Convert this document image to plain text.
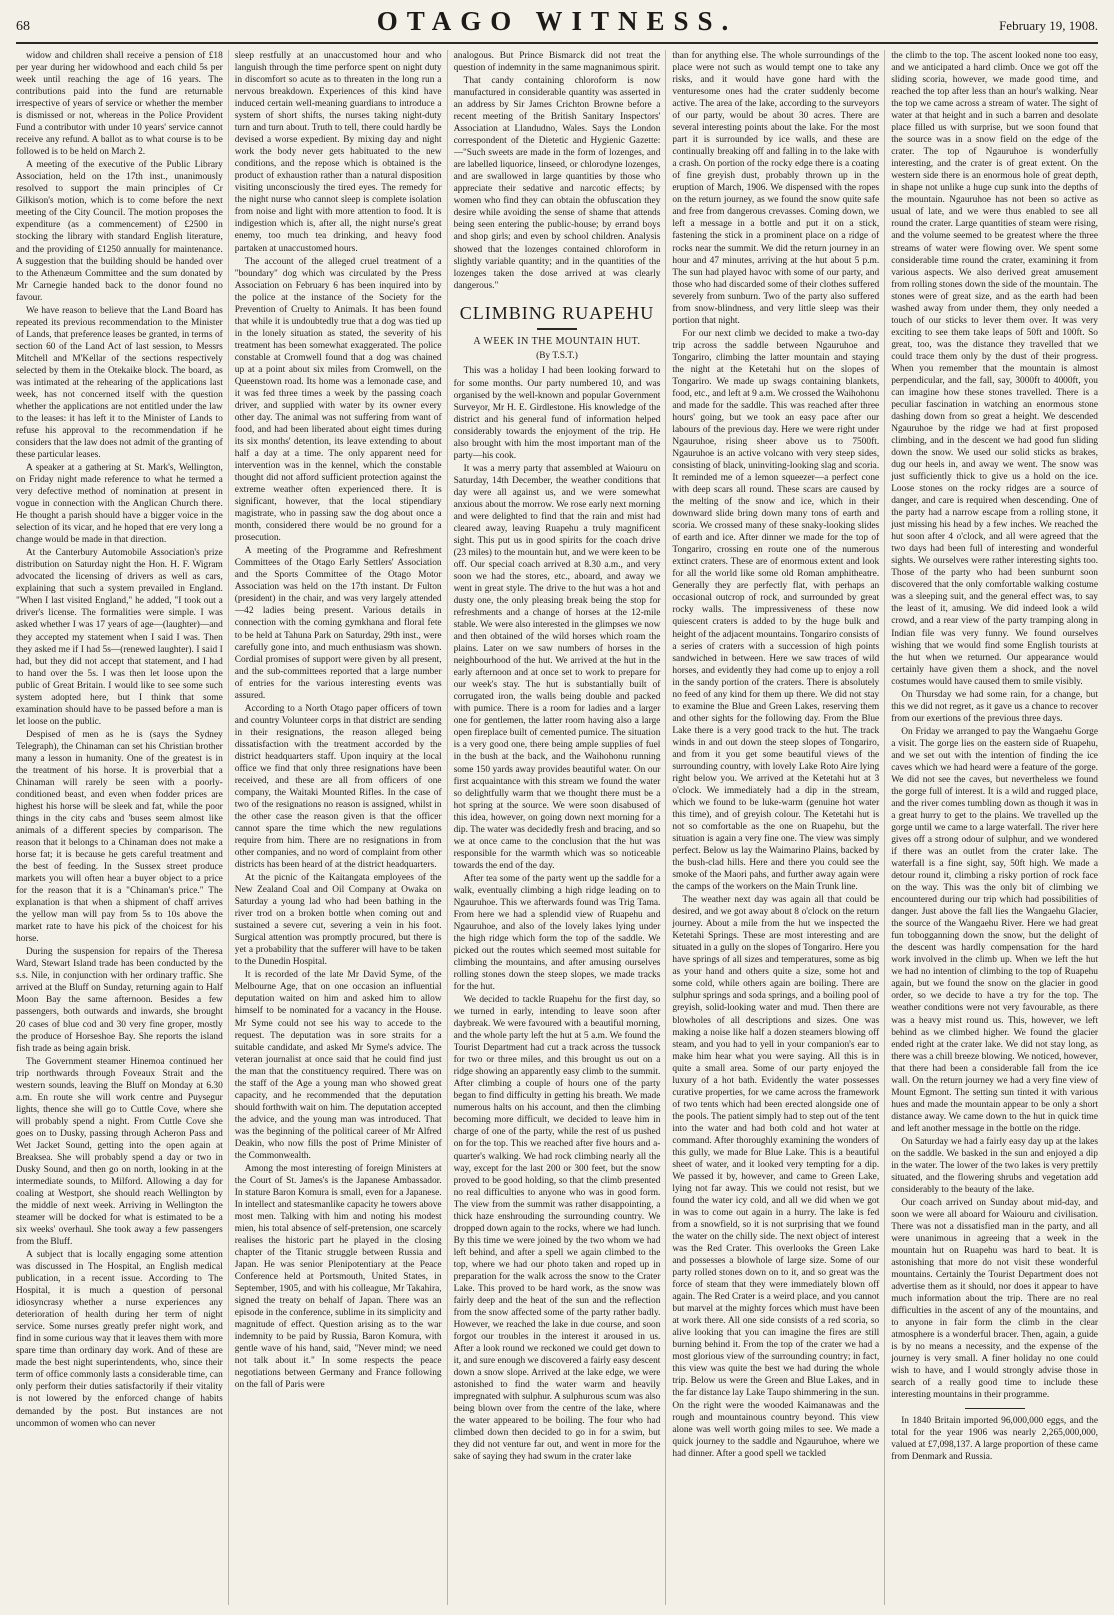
68	OTAGO WITNESS.	February 19, 1908.

widow and children shall receive a pension of £18 per year during her widowhood and each child 5s per week until reaching the age of 16 years. The contributions paid into the fund are returnable irrespective of years of service or whether the member is dismissed or not, whereas in the Police Provident Fund a contributor with under 10 years' service cannot receive any refund. A ballot as to what course is to be followed is to be held on March 2.

A meeting of the executive of the Public Library Association, held on the 17th inst., unanimously resolved to support the main principles of Cr Gilkison's motion, which is to come before the next meeting of the City Council. The motion proposes the expenditure (as a commencement) of £2500 in stocking the library with standard English literature, and the providing of £1250 annually for maintenance. A suggestion that the building should be handed over to the Athenæum Committee and the sum donated by Mr Carnegie handed back to the donor found no favour.

We have reason to believe that the Land Board has repeated its previous recommendation to the Minister of Lands, that preference leases be granted, in terms of section 60 of the Land Act of last session, to Messrs Mitchell and M'Kellar of the sections respectively selected by them in the Otekaike block. The board, as was intimated at the rehearing of the applications last week, has not concerned itself with the question whether the applications are not entitled under the law to the leases: it has left it to the Minister of Lands to refuse his approval to the recommendation if he considers that the law does not admit of the granting of these particular leases.

A speaker at a gathering at St. Mark's, Wellington, on Friday night made reference to what he termed a very defective method of nomination at present in vogue in connection with the Anglican Church there. He thought a parish should have a bigger voice in the selection of its vicar, and he hoped that ere very long a change would be made in that direction.

At the Canterbury Automobile Association's prize distribution on Saturday night the Hon. H. F. Wigram advocated the licensing of drivers as well as cars, explaining that such a system prevailed in England. "When I last visited England," he added, "I took out a driver's license. The formalities were simple. I was asked whether I was 17 years of age—(laughter)—and they accepted my statement when I said I was. Then they asked me if I had 5s—(renewed laughter). I said I had, but they did not accept that statement, and I had to hand over the 5s. I was then let loose upon the public of Great Britain. I would like to see some such system adopted here, but I think that some examination should have to be passed before a man is let loose on the public.

Despised of men as he is (says the Sydney Telegraph), the Chinaman can set his Christian brother many a lesson in humanity. One of the greatest is in the treatment of his horse. It is proverbial that a Chinaman will rarely be seen with a poorly-conditioned beast, and even when fodder prices are highest his horse will be sleek and fat, while the poor things in the city cabs and 'buses seem almost like animals of a different species by comparison. The reason that it belongs to a Chinaman does not make a horse fat; it is because he gets careful treatment and the best of feeding. In the Sussex street produce markets you will often hear a buyer object to a price for the reason that it is a "Chinaman's price." The explanation is that when a shipment of chaff arrives the yellow man will pay from 5s to 10s above the market rate to have his pick of the choicest for his horse.

During the suspension for repairs of the Theresa Ward, Stewart Island trade has been conducted by the s.s. Nile, in conjunction with her ordinary traffic. She arrived at the Bluff on Sunday, returning again to Half Moon Bay the same afternoon. Besides a few passengers, both outwards and inwards, she brought 20 cases of blue cod and 30 very fine groper, mostly the produce of Horseshoe Bay. She reports the island fish trade as being again brisk.

The Government steamer Hinemoa continued her trip northwards through Foveaux Strait and the western sounds, leaving the Bluff on Monday at 6.30 a.m. En route she will work centre and Puysegur lights, thence she will go to Cuttle Cove, where she will probably spend a night. From Cuttle Cove she goes on to Dusky, passing through Acheron Pass and Wet Jacket Sound, getting into the open again at Breaksea. She will probably spend a day or two in Dusky Sound, and then go on north, looking in at the intermediate sounds, to Milford. Allowing a day for coaling at Westport, she should reach Wellington by the middle of next week. Arriving in Wellington the steamer will be docked for what is estimated to be a six weeks' overhaul. She took away a few passengers from the Bluff.

A subject that is locally engaging some attention was discussed in The Hospital, an English medical publication, in a recent issue. According to The Hospital, it is much a question of personal idiosyncrasy whether a nurse experiences any deterioration of health during her term of night service. Some nurses greatly prefer night work, and find in some curious way that it leaves them with more spare time than ordinary day work. And of these are made the best night superintendents, who, since their term of office commonly lasts a considerable time, can only perform their duties satisfactorily if their vitality is not lowered by the enforced change of habits demanded by the post. But instances are not uncommon of women who can never

sleep restfully at an unaccustomed hour and who languish through the time perforce spent on night duty in discomfort so acute as to threaten in the long run a nervous breakdown. Experiences of this kind have induced certain well-meaning guardians to introduce a system of short shifts, the nurses taking night-duty turn and turn about. Truth to tell, there could hardly be devised a worse expedient. By mixing day and night work the body never gets habituated to the new conditions, and the repose which is obtained is the product of exhaustion rather than a natural disposition visiting unconsciously the tired eyes. The remedy for the night nurse who cannot sleep is complete isolation from noise and light with more attention to food. It is indigestion which is, after all, the night nurse's great enemy, too much tea drinking, and heavy food partaken at unaccustomed hours.

The account of the alleged cruel treatment of a "boundary" dog which was circulated by the Press Association on February 6 has been inquired into by the police at the instance of the Society for the Prevention of Cruelty to Animals. It has been found that while it is undoubtedly true that a dog was tied up in the lonely situation as stated, the severity of his treatment has been somewhat exaggerated. The police constable at Cromwell found that a dog was chained up at a point about six miles from Cromwell, on the Queenstown road. Its home was a lemonade case, and it was fed three times a week by the passing coach driver, and supplied with water by its owner every other day. The animal was not suffering from want of food, and had been liberated about eight times during its six months' detention, its leave extending to about half a day at a time. The only apparent need for intervention was in the kennel, which the constable thought did not afford sufficient protection against the extreme weather often experienced there. It is significant, however, that the local stipendiary magistrate, who in passing saw the dog about once a month, considered there would be no ground for a prosecution.

A meeting of the Programme and Refreshment Committees of the Otago Early Settlers' Association and the Sports Committee of the Otago Motor Association was held on the 17th instant. Dr Fulton (president) in the chair, and was very largely attended—42 ladies being present. Various details in connection with the coming gymkhana and floral fete to be held at Tahuna Park on Saturday, 29th inst., were carefully gone into, and much enthusiasm was shown. Cordial promises of support were given by all present, and the sub-committees reported that a large number of entries for the various interesting events was assured.

According to a North Otago paper officers of town and country Volunteer corps in that district are sending in their resignations, the reason alleged being dissatisfaction with the treatment accorded by the district headquarters staff. Upon inquiry at the local office we find that only three resignations have been received, and these are all from officers of one company, the Waitaki Mounted Rifles. In the case of two of the resignations no reason is assigned, whilst in the other case the reason given is that the officer cannot spare the time which the new regulations require from him. There are no resignations in from other companies, and no word of complaint from other districts has been heard of at the district headquarters.

At the picnic of the Kaitangata employees of the New Zealand Coal and Oil Company at Owaka on Saturday a young lad who had been bathing in the river trod on a broken bottle when coming out and sustained a severe cut, severing a vein in his foot. Surgical attention was promptly procured, but there is yet a probability that the sufferer will have to be taken to the Dunedin Hospital.

It is recorded of the late Mr David Syme, of the Melbourne Age, that on one occasion an influential deputation waited on him and asked him to allow himself to be nominated for a vacancy in the House. Mr Syme could not see his way to accede to the request. The deputation was in sore straits for a suitable candidate, and asked Mr Syme's advice. The veteran journalist at once said that he could find just the man that the constituency required. There was on the staff of the Age a young man who showed great capacity, and he recommended that the deputation should forthwith wait on him. The deputation accepted the advice, and the young man was introduced. That was the beginning of the political career of Mr Alfred Deakin, who now fills the post of Prime Minister of the Commonwealth.

Among the most interesting of foreign Ministers at the Court of St. James's is the Japanese Ambassador. In stature Baron Komura is small, even for a Japanese. In intellect and statesmanlike capacity he towers above most men. Talking with him and noting his modest mien, his total absence of self-pretension, one scarcely realises the historic part he played in the closing chapter of the Titanic struggle between Russia and Japan. He was senior Plenipotentiary at the Peace Conference held at Portsmouth, United States, in September, 1905, and with his colleague, Mr Takahira, signed the treaty on behalf of Japan. There was an episode in the conference, sublime in its simplicity and magnitude of effect. Question arising as to the war indemnity to be paid by Russia, Baron Komura, with gentle wave of his hand, said, "Never mind; we need not talk about it." In some respects the peace negotiations between Germany and France following on the fall of Paris were

analogous. But Prince Bismarck did not treat the question of indemnity in the same magnanimous spirit.

That candy containing chloroform is now manufactured in considerable quantity was asserted in an address by Sir James Crichton Browne before a recent meeting of the British Sanitary Inspectors' Association at Llandudno, Wales. Says the London correspondent of the Dietetic and Hygienic Gazette:—"Such sweets are made in the form of lozenges, and are labelled liquorice, linseed, or chlorodyne lozenges, and are swallowed in large quantities by those who appreciate their sedative and narcotic effects; by women who find they can obtain the obfuscation they desire while avoiding the sense of shame that attends being seen entering the public-house; by errand boys and shop girls; and even by school children. Analysis showed that the lozenges contained chloroform in slightly variable quantity; and in the quantities of the lozenges taken the dose arrived at was clearly dangerous."

CLIMBING RUAPEHU
A WEEK IN THE MOUNTAIN HUT.
(By T.S.T.)

This was a holiday I had been looking forward to for some months. Our party numbered 10, and was organised by the well-known and popular Government Surveyor, Mr H. E. Girdlestone. His knowledge of the district and his general fund of information helped considerably towards the enjoyment of the trip. He also brought with him the most important man of the party—his cook.

It was a merry party that assembled at Waiouru on Saturday, 14th December, the weather conditions that day were all against us, and we were somewhat anxious about the morrow. We rose early next morning and were delighted to find that the rain and mist had cleared away, leaving Ruapehu a truly magnificent sight. This put us in good spirits for the coach drive (23 miles) to the mountain hut, and we were keen to be off. Our special coach arrived at 8.30 a.m., and very soon we had the stores, etc., aboard, and away we went in great style. The drive to the hut was a hot and dusty one, the only pleasing break being the stop for refreshments and a change of horses at the 12-mile stable. We were also interested in the glimpses we now and then obtained of the wild horses which roam the plains. Later on we saw numbers of horses in the neighbourhood of the hut. We arrived at the hut in the early afternoon and at once set to work to prepare for our week's stay. The hut is substantially built of corrugated iron, the walls being double and packed with pumice. There is a room for ladies and a larger one for gentlemen, the latter room having also a large open fireplace built of cemented pumice. The situation is a very good one, there being ample supplies of fuel in the bush at the back, and the Waihohonu running some 150 yards away provides beautiful water. On our first acquaintance with this stream we found the water so delightfully warm that we thought there must be a hot spring at the source. We were soon disabused of this idea, however, on going down next morning for a dip. The water was decidedly fresh and bracing, and so we at once came to the conclusion that the hut was responsible for the warmth which was so noticeable towards the end of the day.

After tea some of the party went up the saddle for a walk, eventually climbing a high ridge leading on to Ngauruhoe. This we afterwards found was Trig Tama. From here we had a splendid view of Ruapehu and Ngauruhoe, and also of the lovely lakes lying under the high ridge which form the top of the saddle. We picked out the routes which seemed most suitable for climbing the mountains, and after amusing ourselves rolling stones down the steep slopes, we made tracks for the hut.

We decided to tackle Ruapehu for the first day, so we turned in early, intending to leave soon after daybreak. We were favoured with a beautiful morning, and the whole party left the hut at 5 a.m. We found the Tourist Department had cut a track across the tussock for two or three miles, and this brought us out on a ridge showing an apparently easy climb to the summit. After climbing a couple of hours one of the party began to find difficulty in getting his breath. We made numerous halts on his account, and then the climbing becoming more difficult, we decided to leave him in charge of one of the party, while the rest of us pushed on for the top. This we reached after five hours and a-quarter's walking. We had rock climbing nearly all the way, except for the last 200 or 300 feet, but the snow proved to be good holding, so that the climb presented no real difficulties to anyone who was in good form. The view from the summit was rather disappointing, a thick haze enshrouding the surrounding country. We dropped down again to the rocks, where we had lunch. By this time we were joined by the two whom we had left behind, and after a spell we again climbed to the top, where we had our photo taken and roped up in preparation for the walk across the snow to the Crater Lake. This proved to be hard work, as the snow was fairly deep and the heat of the sun and the reflection from the snow affected some of the party rather badly. However, we reached the lake in due course, and soon forgot our troubles in the interest it aroused in us. After a look round we reckoned we could get down to it, and sure enough we discovered a fairly easy descent down a snow slope. Arrived at the lake edge, we were astonished to find the water warm and heavily impregnated with sulphur. A sulphurous scum was also being blown over from the centre of the lake, where the water appeared to be boiling. The four who had climbed down then decided to go in for a swim, but they did not venture far out, and went in more for the sake of saying they had swum in the crater lake

than for anything else. The whole surroundings of the place were not such as would tempt one to take any risks, and it would have gone hard with the venturesome ones had the crater suddenly become active. The area of the lake, according to the surveyors of our party, would be about 30 acres. There are several interesting points about the lake. For the most part it is surrounded by ice walls, and these are continually breaking off and falling in to the lake with a crash. On portion of the rocky edge there is a coating of fine greyish dust, probably thrown up in the eruption of March, 1906. We dispensed with the ropes on the return journey, as we found the snow quite safe and free from dangerous crevasses. Coming down, we left a message in a bottle and put it on a stick, fastening the stick in a prominent place on a ridge of rocks near the summit. We did the return journey in an hour and 47 minutes, arriving at the hut about 5 p.m. The sun had played havoc with some of our party, and those who had discarded some of their clothes suffered severely from sunburn. Two of the party also suffered from snow-blindness, and very little sleep was their portion that night.

For our next climb we decided to make a two-day trip across the saddle between Ngauruhoe and Tongariro, climbing the latter mountain and staying the night at the Ketetahi hut on the slopes of Tongariro. We made up swags containing blankets, food, etc., and left at 9 a.m. We crossed the Waihohonu and made for the saddle. This was reached after three hours' going, but we took an easy pace after our labours of the previous day. Here we were right under Ngauruhoe, rising sheer above us to 7500ft. Ngauruhoe is an active volcano with very steep sides, consisting of black, uninviting-looking slag and scoria. It reminded me of a lemon squeezer—a perfect cone with deep scars all round. These scars are caused by the melting of the snow and ice, which in their downward slide bring down many tons of earth and scoria. We crossed many of these snaky-looking slides of earth and ice. After dinner we made for the top of Tongariro, crossing en route one of the numerous extinct craters. These are of enormous extent and look for all the world like some old Roman amphitheatre. Generally they are perfectly flat, with perhaps an occasional outcrop of rock, and surrounded by great rocky walls. The impressiveness of these now quiescent craters is added to by the huge bulk and height of the adjacent mountains. Tongariro consists of a series of craters with a succession of high points sandwiched in between. Here we saw traces of wild horses, and evidently they had come up to enjoy a roll in the sandy portion of the craters. There is absolutely no feed of any kind for them up there. We did not stay to examine the Blue and Green Lakes, reserving them and other sights for the following day. From the Blue Lake there is a very good track to the hut. The track winds in and out down the steep slopes of Tongariro, and from it you get some beautiful views of the surrounding country, with lovely Lake Roto Aire lying right below you. We arrived at the Ketetahi hut at 3 o'clock. We immediately had a dip in the stream, which we found to be luke-warm (genuine hot water this time), and of greyish colour. The Ketetahi hut is not so comfortable as the one on Ruapehu, but the situation is again a very fine one. The view was simply perfect. Below us lay the Waimarino Plains, backed by the bush-clad hills. Here and there you could see the smoke of the Maori pahs, and further away again were the camps of the workers on the Main Trunk line.

The weather next day was again all that could be desired, and we got away about 8 o'clock on the return journey. About a mile from the hut we inspected the Ketetahi Springs. These are most interesting and are situated in a gully on the slopes of Tongariro. Here you have springs of all sizes and temperatures, some as big as your hand and others quite a size, some hot and some cold, while others again are boiling. There are sulphur springs and soda springs, and a boiling pool of greyish, solid-looking water and mud. Then there are blowholes of all descriptions and sizes. One was making a noise like half a dozen steamers blowing off steam, and you had to yell in your companion's ear to make him hear what you were saying. All this is in quite a small area. Some of our party enjoyed the luxury of a hot bath. Evidently the water possesses curative properties, for we came across the framework of two tents which had been erected alongside one of the pools. The patient simply had to step out of the tent into the water and had both cold and hot water at command. After thoroughly examining the wonders of this gully, we made for Blue Lake. This is a beautiful sheet of water, and it looked very tempting for a dip. We passed it by, however, and came to Green Lake, lying not far away. This we could not resist, but we found the water icy cold, and all we did when we got in was to come out again in a hurry. The lake is fed from a snowfield, so it is not surprising that we found the water on the chilly side. The next object of interest was the Red Crater. This overlooks the Green Lake and possesses a blowhole of large size. Some of our party rolled stones down on to it, and so great was the force of steam that they were immediately blown off again. The Red Crater is a weird place, and you cannot but marvel at the mighty forces which must have been at work there. All one side consists of a red scoria, so alive looking that you can imagine the fires are still burning behind it. From the top of the crater we had a most glorious view of the surrounding country; in fact, this view was quite the best we had during the whole trip. Below us were the Green and Blue Lakes, and in the far distance lay Lake Taupo shimmering in the sun. On the right were the wooded Kaimanawas and the rough and mountainous country beyond. This view alone was well worth going miles to see. We made a quick journey to the saddle and Ngauruhoe, where we had dinner. After a good spell we tackled

the climb to the top. The ascent looked none too easy, and we anticipated a hard climb. Once we got off the sliding scoria, however, we made good time, and reached the top after less than an hour's walking. Near the top we came across a stream of water. The sight of water at that height and in such a barren and desolate place filled us with surprise, but we soon found that the source was in a snow field on the edge of the crater. The top of Ngauruhoe is wonderfully interesting, and the crater is of great extent. On the western side there is an enormous hole of great depth, in shape not unlike a huge cup sunk into the depths of the mountain. Ngauruhoe has not been so active as usual of late, and we were thus enabled to see all round the crater. Large quantities of steam were rising, and the volume seemed to be greatest where the three streams of water were flowing over. We spent some considerable time round the crater, examining it from various aspects. We also derived great amusement from rolling stones down the side of the mountain. The stones were of great size, and as the earth had been washed away from under them, they only needed a touch of our sticks to lever them over. It was very exciting to see them take leaps of 50ft and 100ft. So great, too, was the distance they travelled that we could trace them only by the dust of their progress. When you remember that the mountain is almost perpendicular, and the fall, say, 3000ft to 4000ft, you can imagine how these stones travelled. There is a peculiar fascination in watching an enormous stone dashing down from so great a height. We descended Ngauruhoe by the ridge we had at first proposed climbing, and in the descent we had good fun sliding down the snow. We used our solid sticks as brakes, dug our heels in, and away we went. The snow was just sufficiently thick to give us a hold on the ice. Loose stones on the rocky ridges are a source of danger, and care is required when descending. One of the party had a narrow escape from a rolling stone, it just missing his head by a few inches. We reached the hut soon after 4 o'clock, and all were agreed that the two days had been full of interesting and wonderful sights. We ourselves were rather interesting sights too. Those of the party who had been sunburnt soon discovered that the only comfortable walking costume was a sleeping suit, and the general effect was, to say the least of it, amusing. We did indeed look a wild crowd, and a rear view of the party tramping along in Indian file was very funny. We found ourselves wishing that we would find some English tourists at the hut when we returned. Our appearance would certainly have given them a shock, and the novel costumes would have caused them to smile visibly.

On Thursday we had some rain, for a change, but this we did not regret, as it gave us a chance to recover from our exertions of the previous three days.

On Friday we arranged to pay the Wangaehu Gorge a visit. The gorge lies on the eastern side of Ruapehu, and we set out with the intention of finding the ice caves which we had heard were a feature of the gorge. We did not see the caves, but nevertheless we found the gorge full of interest. It is a wild and rugged place, and the river comes tumbling down as though it was in a great hurry to get to the plains. We travelled up the gorge until we came to a large waterfall. The river here gives off a strong odour of sulphur, and we wondered if there was an outlet from the crater lake. The waterfall is a fine sight, say, 50ft high. We made a detour round it, climbing a risky portion of rock face on the way. This was the only bit of climbing we encountered during our trip which had possibilities of danger. Just above the fall lies the Wangaehu Glacier, the source of the Wangaehu River. Here we had great fun tobogganning down the snow, but the delight of the descent was hardly compensation for the hard work involved in the climb up. When we left the hut we had no intention of climbing to the top of Ruapehu again, but we found the snow on the glacier in good order, so we decide to have a try for the top. The weather conditions were not very favourable, as there was a heavy mist round us. This, however, we left behind as we climbed higher. We found the glacier ended right at the crater lake. We did not stay long, as there was a chill breeze blowing. We noticed, however, that there had been a considerable fall from the ice wall. On the return journey we had a very fine view of Mount Egmont. The setting sun tinted it with various hues and made the mountain appear to be only a short distance away. We came down to the hut in quick time and left another message in the bottle on the ridge.

On Saturday we had a fairly easy day up at the lakes on the saddle. We basked in the sun and enjoyed a dip in the water. The lower of the two lakes is very prettily situated, and the flowering shrubs and vegetation add considerably to the beauty of the lake.

Our coach arrived on Sunday about mid-day, and soon we were all aboard for Waiouru and civilisation. There was not a dissatisfied man in the party, and all were unanimous in agreeing that a week in the mountain hut on Ruapehu was hard to beat. It is astonishing that more do not visit these wonderful mountains. Certainly the Tourist Department does not advertise them as it should, nor does it appear to have much information about the trip. There are no real difficulties in the ascent of any of the mountains, and to anyone in fair form the climb in the clear atmosphere is a wonderful bracer. Then, again, a guide is by no means a necessity, and the expense of the journey is very small. A finer holiday no one could wish to have, and I would strongly advise those in search of a really good time to include these interesting mountains in their programme.

In 1840 Britain imported 96,000,000 eggs, and the total for the year 1906 was nearly 2,265,000,000, valued at £7,098,137. A large proportion of these came from Denmark and Russia.
